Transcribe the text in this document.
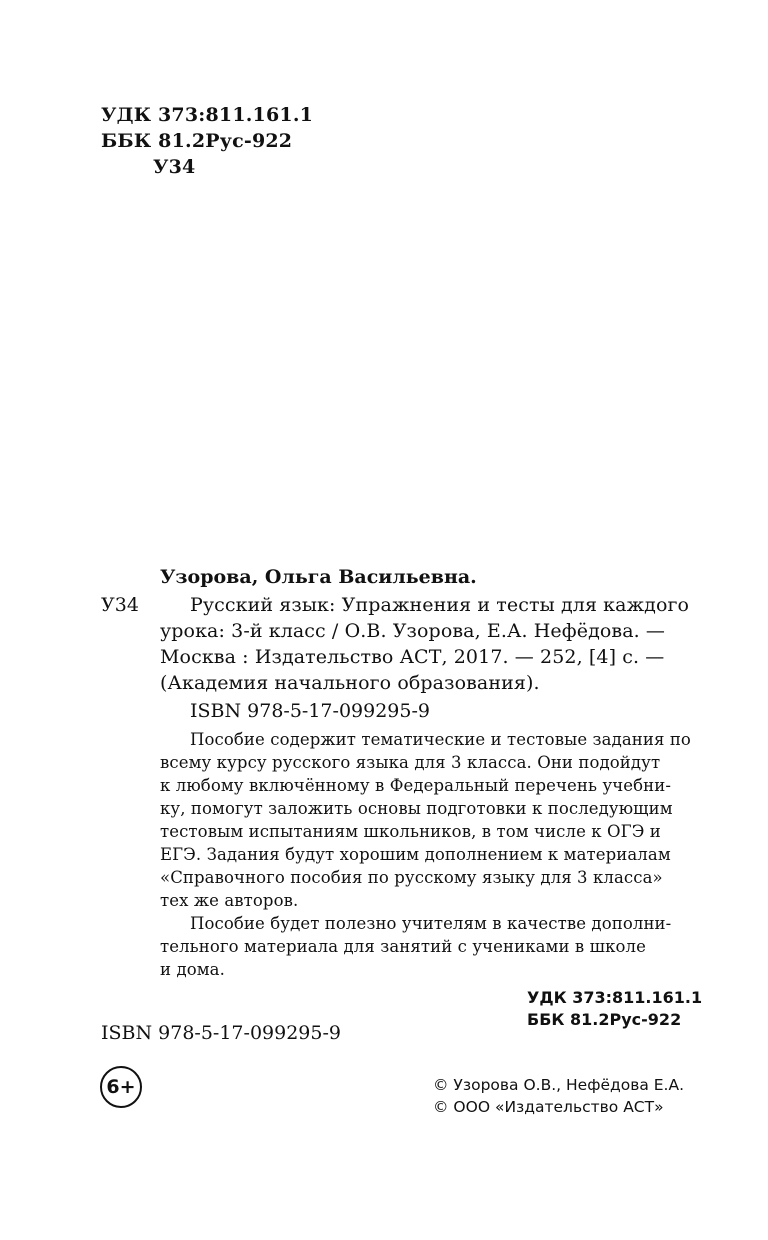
УДК 373:811.161.1
ББК 81.2Рус-922
У34
Узорова, Ольга Васильевна.
У34	Русский язык: Упражнения и тесты для каждого
урока: 3-й класс / О.В. Узорова, Е.А. Нефёдова. —
Москва : Издательство АСТ, 2017. — 252, [4] с. —
(Академия начального образования).
ISBN 978-5-17-099295-9
Пособие содержит тематические и тестовые задания по
всему курсу русского языка для 3 класса. Они подойдут
к любому включённому в Федеральный перечень учебни-
ку, помогут заложить основы подготовки к последующим
тестовым испытаниям школьников, в том числе к ОГЭ и
ЕГЭ. Задания будут хорошим дополнением к материалам
«Справочного пособия по русскому языку для 3 класса»
тех же авторов.
Пособие будет полезно учителям в качестве дополни-
тельного материала для занятий с учениками в школе
и дома.
УДК 373:811.161.1
ББК 81.2Рус-922
ISBN 978-5-17-099295-9
6+	© Узорова О.В., Нефёдова Е.А.
© ООО «Издательство АСТ»
